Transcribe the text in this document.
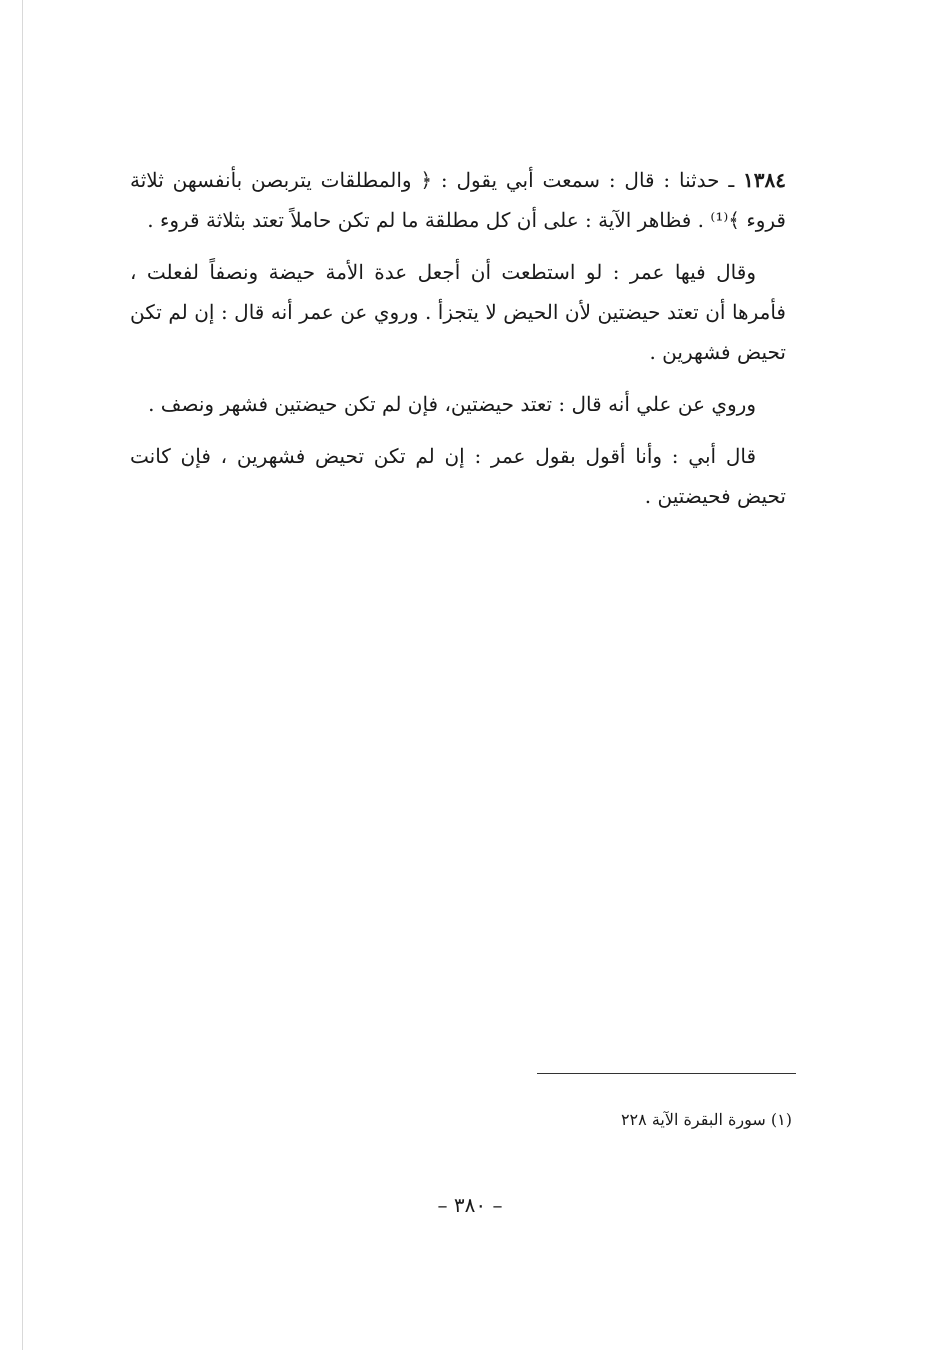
١٣٨٤ ـ حدثنا : قال : سمعت أبي يقول : ﴿ والمطلقات يتربصن بأنفسهن ثلاثة قروء ﴾⁽¹⁾ . فظاهر الآية : على أن كل مطلقة ما لم تكن حاملاً تعتد بثلاثة قروء .

وقال فيها عمر : لو استطعت أن أجعل عدة الأمة حيضة ونصفاً لفعلت ، فأمرها أن تعتد حيضتين لأن الحيض لا يتجزأ . وروي عن عمر أنه قال : إن لم تكن تحيض فشهرين .

وروي عن علي أنه قال : تعتد حيضتين، فإن لم تكن حيضتين فشهر ونصف .

قال أبي : وأنا أقول بقول عمر : إن لم تكن تحيض فشهرين ، فإن كانت تحيض فحيضتين .

(١) سورة البقرة الآية ٢٢٨
– ٣٨٠ –
